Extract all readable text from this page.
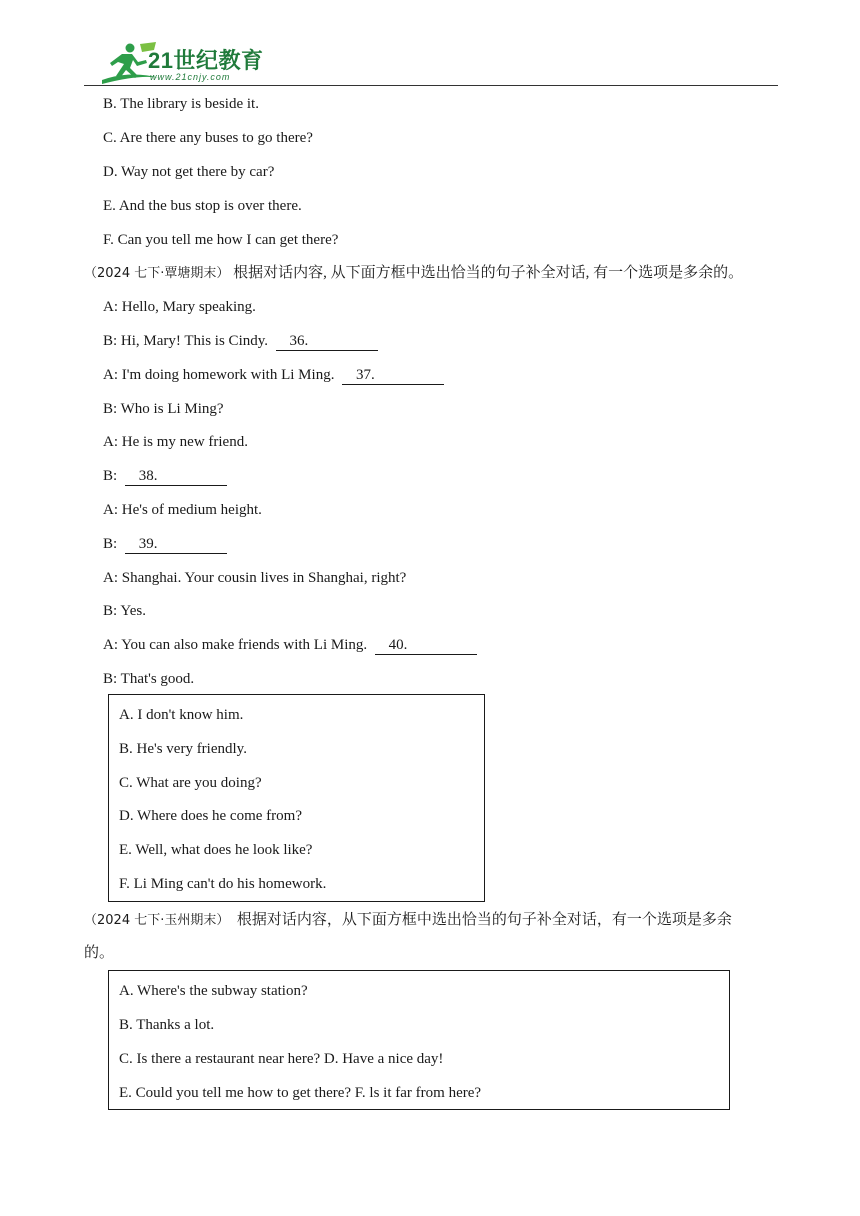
21世纪教育
www.21cnjy.com
B. The library is beside it.
C. Are there any buses to go there?
D. Way not get there by car?
E. And the bus stop is over there.
F. Can you tell me how I can get there?
（2024 七下·覃塘期末） 根据对话内容, 从下面方框中选出恰当的句子补全对话, 有一个选项是多余的。
A: Hello, Mary speaking.
B: Hi, Mary! This is Cindy. 36.
A: I'm doing homework with Li Ming. 37.
B: Who is Li Ming?
A: He is my new friend.
B: 38.
A: He's of medium height.
B: 39.
A: Shanghai. Your cousin lives in Shanghai, right?
B: Yes.
A: You can also make friends with Li Ming. 40.
B: That's good.
A. I don't know him.
B. He's very friendly.
C. What are you doing?
D. Where does he come from?
E. Well, what does he look like?
F. Li Ming can't do his homework.
（2024 七下·玉州期末） 根据对话内容，从下面方框中选出恰当的句子补全对话，有一个选项是多余
的。
A. Where's the subway station?
B. Thanks a lot.
C. Is there a restaurant near here? D. Have a nice day!
E. Could you tell me how to get there? F. ls it far from here?
